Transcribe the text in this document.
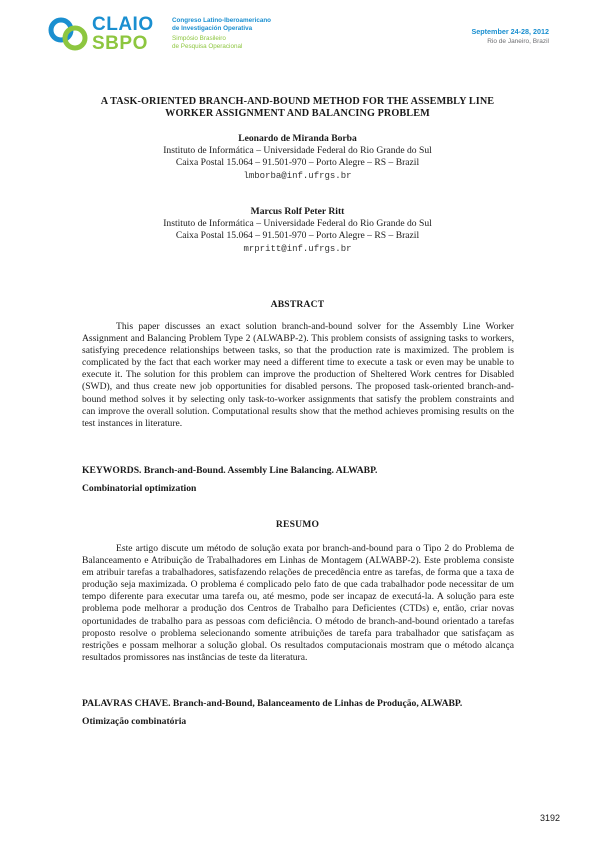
CLAIO
SBPO
Congreso Latino-Iberoamericano
de Investigación Operativa
Simpósio Brasileiro
de Pesquisa Operacional
September 24-28, 2012
Rio de Janeiro, Brazil
A TASK-ORIENTED BRANCH-AND-BOUND METHOD FOR THE ASSEMBLY LINE
WORKER ASSIGNMENT AND BALANCING PROBLEM
Leonardo de Miranda Borba
Instituto de Informática – Universidade Federal do Rio Grande do Sul
Caixa Postal 15.064 – 91.501-970 – Porto Alegre – RS – Brazil
lmborba@inf.ufrgs.br
Marcus Rolf Peter Ritt
Instituto de Informática – Universidade Federal do Rio Grande do Sul
Caixa Postal 15.064 – 91.501-970 – Porto Alegre – RS – Brazil
mrpritt@inf.ufrgs.br
ABSTRACT
This paper discusses an exact solution branch-and-bound solver for the Assembly Line Worker Assignment and Balancing Problem Type 2 (ALWABP-2). This problem consists of assigning tasks to workers, satisfying precedence relationships between tasks, so that the production rate is maximized. The problem is complicated by the fact that each worker may need a different time to execute a task or even may be unable to execute it. The solution for this problem can improve the production of Sheltered Work centres for Disabled (SWD), and thus create new job opportunities for disabled persons. The proposed task-oriented branch-and-bound method solves it by selecting only task-to-worker assignments that satisfy the problem constraints and can improve the overall solution. Computational results show that the method achieves promising results on the test instances in literature.
KEYWORDS. Branch-and-Bound. Assembly Line Balancing. ALWABP.
Combinatorial optimization
RESUMO
Este artigo discute um método de solução exata por branch-and-bound para o Tipo 2 do Problema de Balanceamento e Atribuição de Trabalhadores em Linhas de Montagem (ALWABP-2). Este problema consiste em atribuir tarefas a trabalhadores, satisfazendo relações de precedência entre as tarefas, de forma que a taxa de produção seja maximizada. O problema é complicado pelo fato de que cada trabalhador pode necessitar de um tempo diferente para executar uma tarefa ou, até mesmo, pode ser incapaz de executá-la. A solução para este problema pode melhorar a produção dos Centros de Trabalho para Deficientes (CTDs) e, então, criar novas oportunidades de trabalho para as pessoas com deficiência. O método de branch-and-bound orientado a tarefas proposto resolve o problema selecionando somente atribuições de tarefa para trabalhador que satisfaçam as restrições e possam melhorar a solução global. Os resultados computacionais mostram que o método alcança resultados promissores nas instâncias de teste da literatura.
PALAVRAS CHAVE. Branch-and-Bound, Balanceamento de Linhas de Produção, ALWABP.
Otimização combinatória
3192
